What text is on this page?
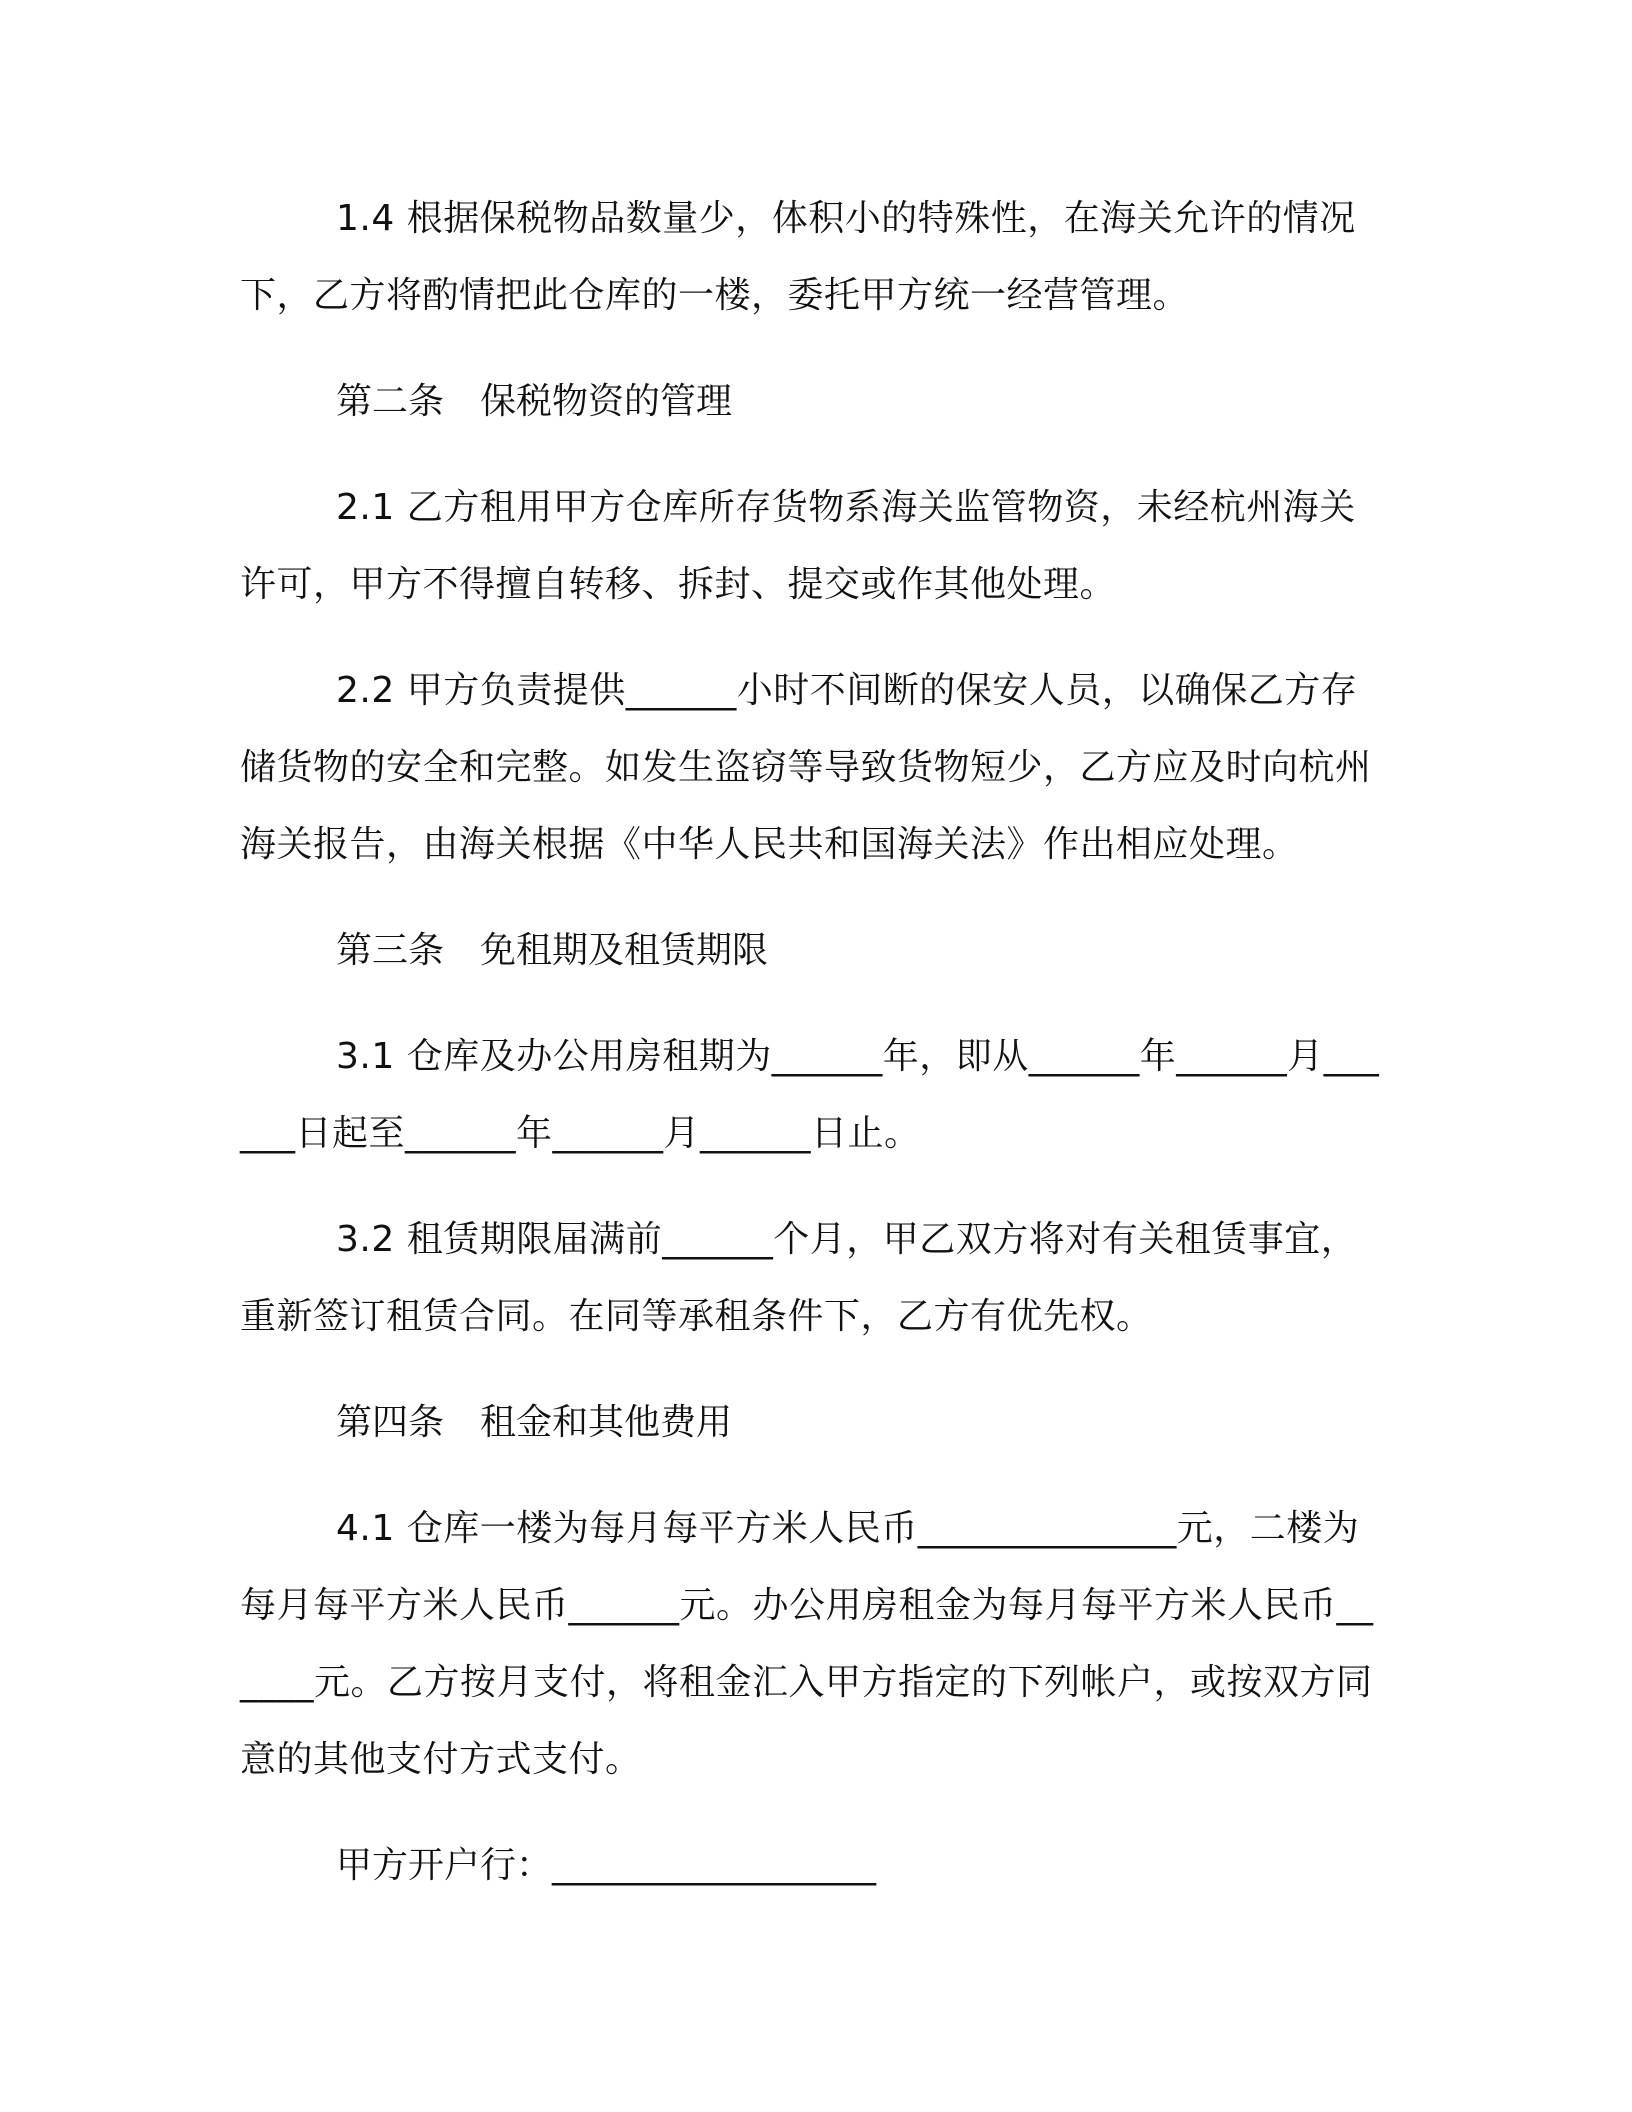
1.4 根据保税物品数量少，体积小的特殊性，在海关允许的情况下，乙方将酌情把此仓库的一楼，委托甲方统一经营管理。

第二条　保税物资的管理

2.1 乙方租用甲方仓库所存货物系海关监管物资，未经杭州海关许可，甲方不得擅自转移、拆封、提交或作其他处理。

2.2 甲方负责提供______小时不间断的保安人员，以确保乙方存储货物的安全和完整。如发生盗窃等导致货物短少，乙方应及时向杭州海关报告，由海关根据《中华人民共和国海关法》作出相应处理。

第三条　免租期及租赁期限

3.1 仓库及办公用房租期为______年，即从______年______月______日起至______年______月______日止。

3.2 租赁期限届满前______个月，甲乙双方将对有关租赁事宜，重新签订租赁合同。在同等承租条件下，乙方有优先权。

第四条　租金和其他费用

4.1 仓库一楼为每月每平方米人民币______________元，二楼为每月每平方米人民币______元。办公用房租金为每月每平方米人民币______元。乙方按月支付，将租金汇入甲方指定的下列帐户，或按双方同意的其他支付方式支付。

甲方开户行：__________________
